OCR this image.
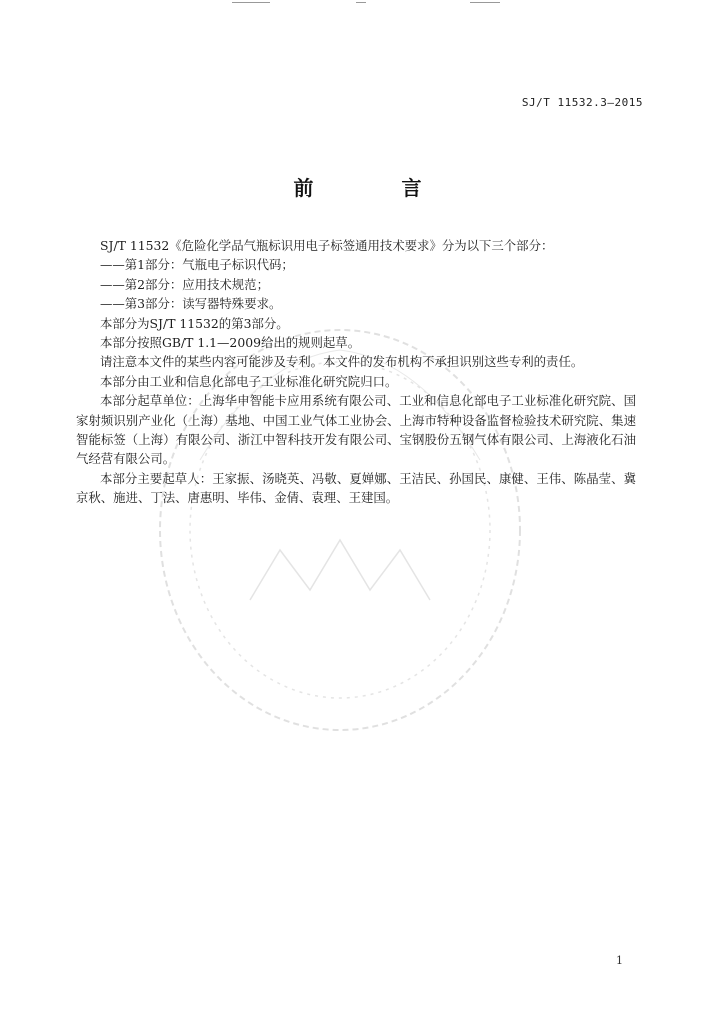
SJ/T 11532.3—2015
前　言

SJ/T 11532《危险化学品气瓶标识用电子标签通用技术要求》分为以下三个部分：

——第1部分：气瓶电子标识代码；

——第2部分：应用技术规范；

——第3部分：读写器特殊要求。

本部分为SJ/T 11532的第3部分。

本部分按照GB/T 1.1—2009给出的规则起草。

请注意本文件的某些内容可能涉及专利。本文件的发布机构不承担识别这些专利的责任。

本部分由工业和信息化部电子工业标准化研究院归口。

本部分起草单位：上海华申智能卡应用系统有限公司、工业和信息化部电子工业标准化研究院、国家射频识别产业化（上海）基地、中国工业气体工业协会、上海市特种设备监督检验技术研究院、集速智能标签（上海）有限公司、浙江中智科技开发有限公司、宝钢股份五钢气体有限公司、上海液化石油气经营有限公司。

本部分主要起草人：王家振、汤晓英、冯敬、夏婵娜、王洁民、孙国民、康健、王伟、陈晶莹、冀京秋、施进、丁法、唐惠明、毕伟、金倩、袁理、王建国。

1
